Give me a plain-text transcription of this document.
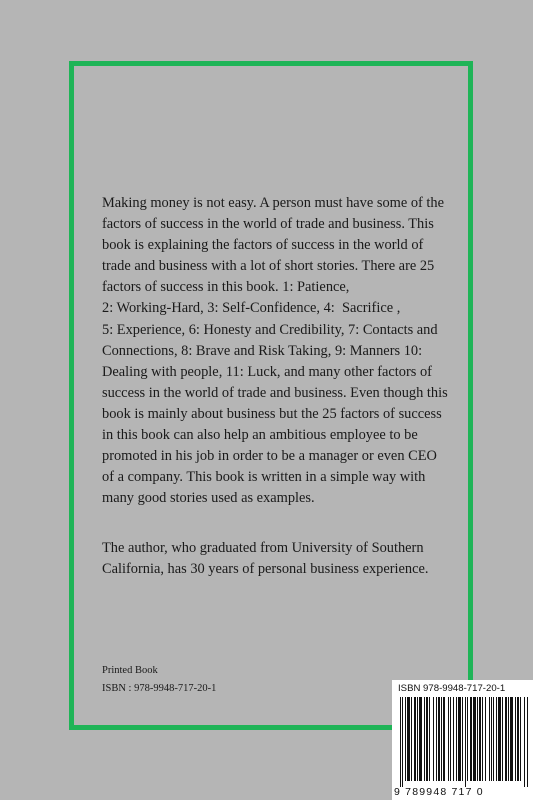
Making money is not easy. A person must have some of the
factors of success in the world of trade and business. This
book is explaining the factors of success in the world of
trade and business with a lot of short stories. There are 25
factors of success in this book. 1: Patience,
2: Working-Hard, 3: Self-Confidence, 4:  Sacrifice ,
5: Experience, 6: Honesty and Credibility, 7: Contacts and
Connections, 8: Brave and Risk Taking, 9: Manners 10:
Dealing with people, 11: Luck, and many other factors of
success in the world of trade and business. Even though this
book is mainly about business but the 25 factors of success
in this book can also help an ambitious employee to be
promoted in his job in order to be a manager or even CEO
of a company. This book is written in a simple way with
many good stories used as examples.
The author, who graduated from University of Southern
California, has 30 years of personal business experience.
Printed Book
ISBN : 978-9948-717-20-1	ISBN 978-9948-717-20-1
9 789948 717 0
